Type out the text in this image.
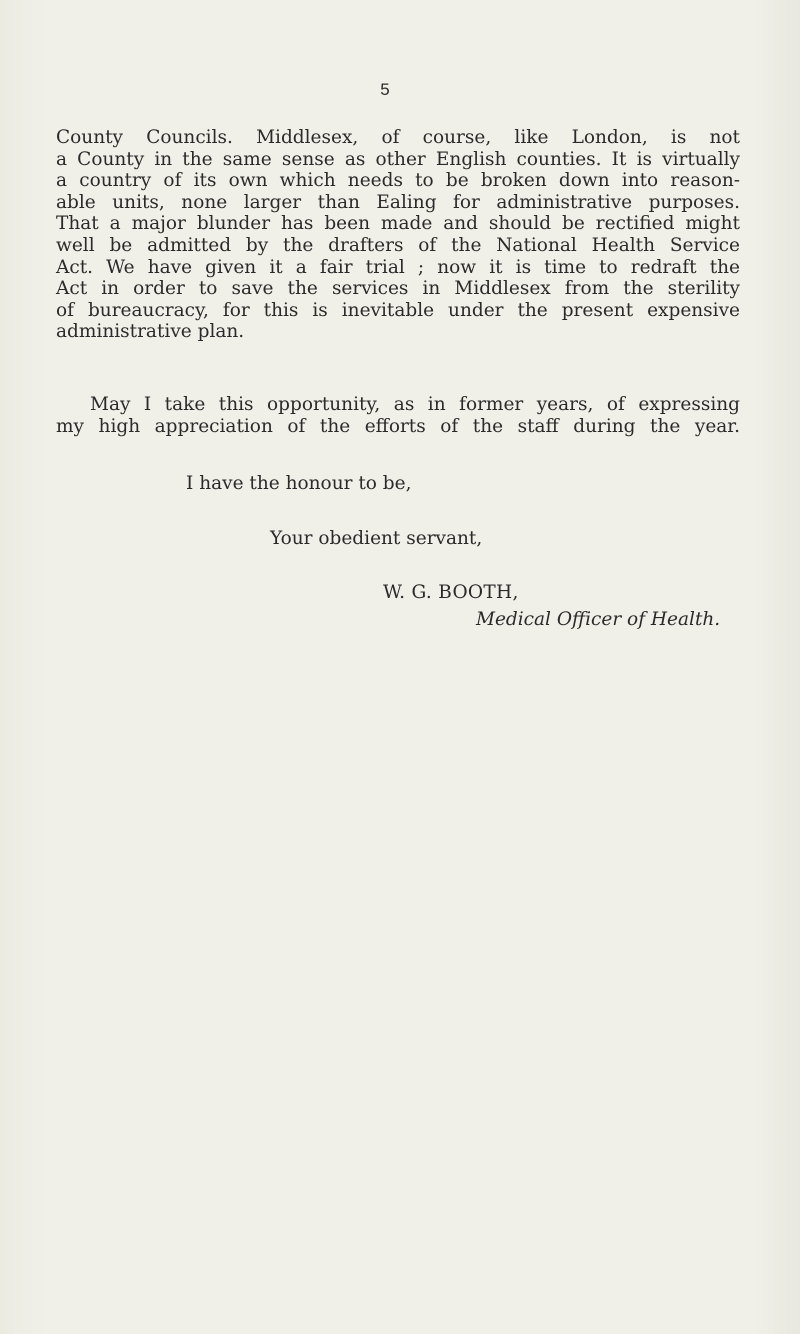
5
County Councils. Middlesex, of course, like London, is not
a County in the same sense as other English counties. It is virtually
a country of its own which needs to be broken down into reason-
able units, none larger than Ealing for administrative purposes.
That a major blunder has been made and should be rectified might
well be admitted by the drafters of the National Health Service
Act. We have given it a fair trial ; now it is time to redraft the
Act in order to save the services in Middlesex from the sterility
of bureaucracy, for this is inevitable under the present expensive
administrative plan.
May I take this opportunity, as in former years, of expressing
my high appreciation of the efforts of the staff during the year.

I have the honour to be,

Your obedient servant,

W. G. BOOTH,

Medical Officer of Health.
